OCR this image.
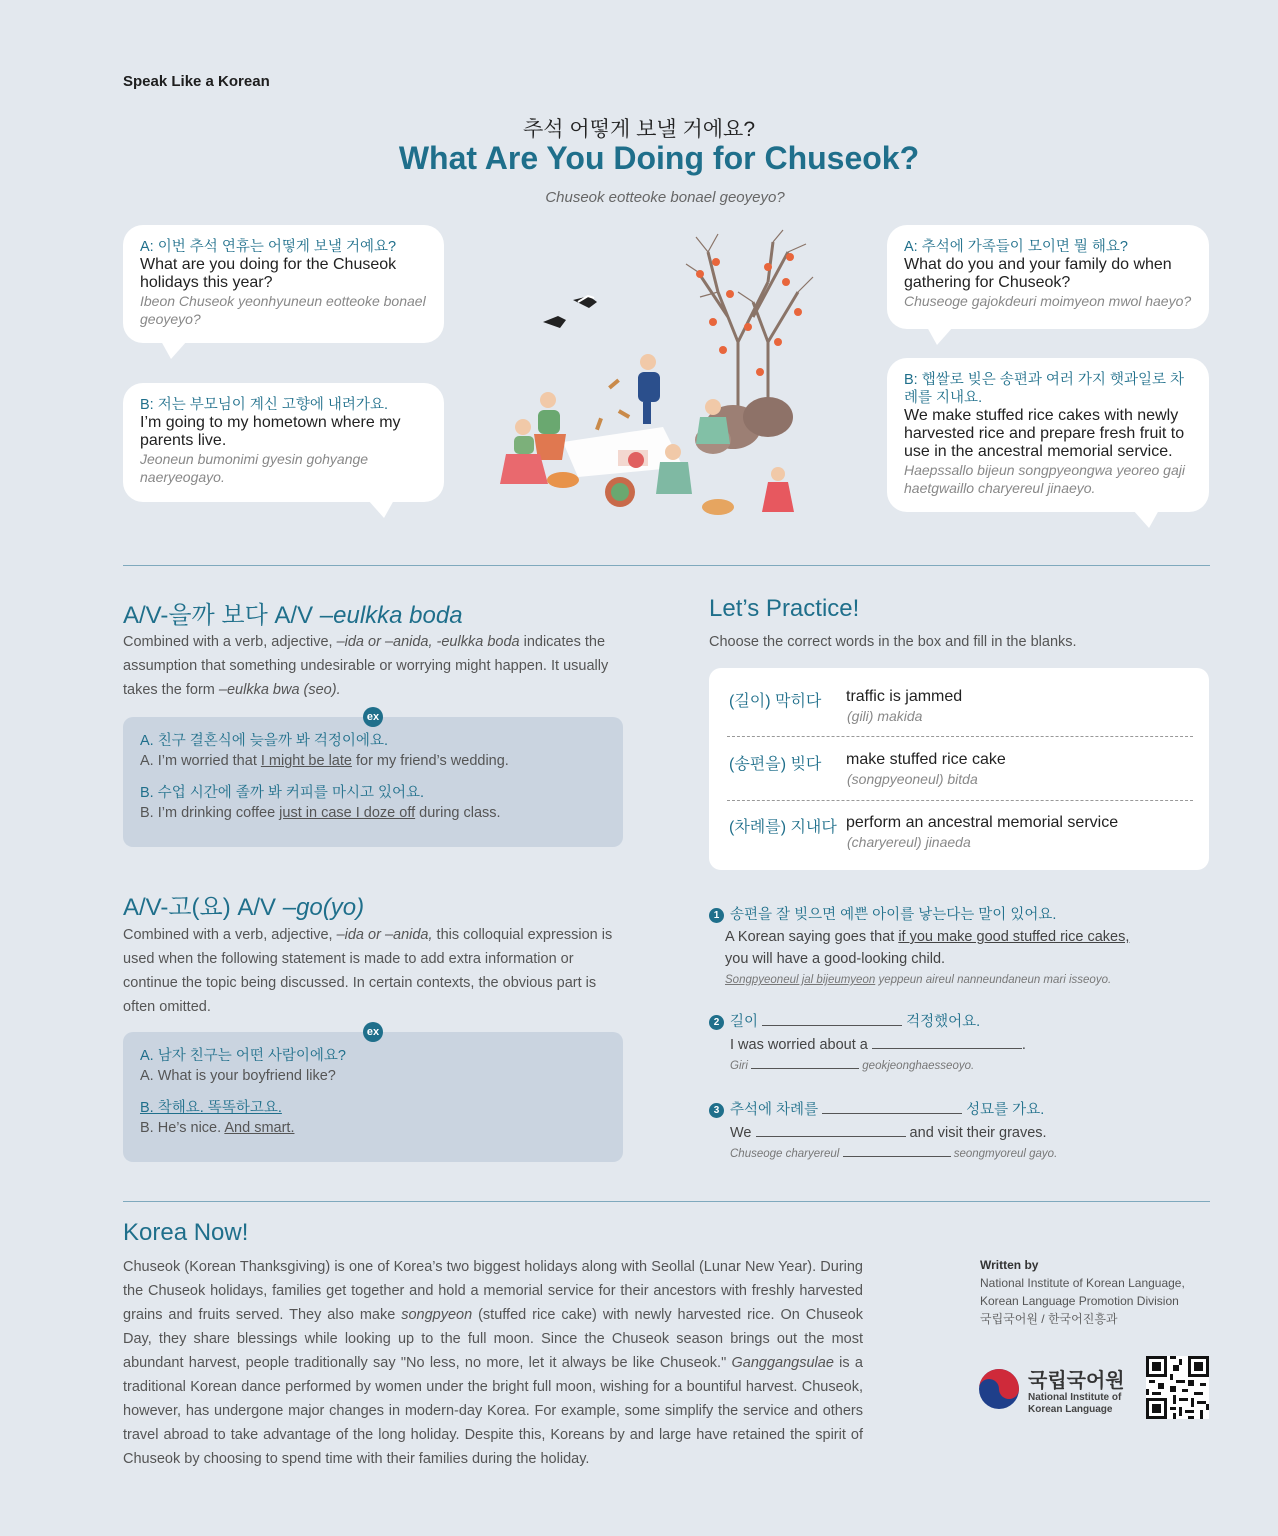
Speak Like a Korean
추석 어떻게 보낼 거에요?
What Are You Doing for Chuseok?
Chuseok eotteoke bonael geoyeyo?
A: 이번 추석 연휴는 어떻게 보낼 거예요?
What are you doing for the Chuseok holidays this year?
Ibeon Chuseok yeonhyuneun eotteoke bonael geoyeyo?
B: 저는 부모님이 계신 고향에 내려가요.
I’m going to my hometown where my parents live.
Jeoneun bumonimi gyesin gohyange naeryeogayo.
A: 추석에 가족들이 모이면 뭘 해요?
What do you and your family do when gathering for Chuseok?
Chuseoge gajokdeuri moimyeon mwol haeyo?
B: 햅쌀로 빚은 송편과 여러 가지 햇과일로 차례를 지내요.
We make stuffed rice cakes with newly harvested rice and prepare fresh fruit to use in the ancestral memorial service.
Haepssallo bijeun songpyeongwa yeoreo gaji haetgwaillo charyereul jinaeyo.
A/V-을까 보다 A/V –eulkka boda
Combined with a verb, adjective, –ida or –anida, -eulkka boda indicates the assumption that something undesirable or worrying might happen. It usually takes the form –eulkka bwa (seo).
A. 친구 결혼식에 늦을까 봐 걱정이에요.
A. I’m worried that I might be late for my friend’s wedding.
B. 수업 시간에 졸까 봐 커피를 마시고 있어요.
B. I’m drinking coffee just in case I doze off during class.
ex
A/V-고(요) A/V –go(yo)
Combined with a verb, adjective, –ida or –anida, this colloquial expression is used when the following statement is made to add extra information or continue the topic being discussed. In certain contexts, the obvious part is often omitted.
A. 남자 친구는 어떤 사람이에요?
A. What is your boyfriend like?
B. 착해요. 똑똑하고요.
B. He’s nice. And smart.
ex
Let’s Practice!
Choose the correct words in the box and fill in the blanks.
(길이) 막히다 traffic is jammed
(gili) makida
(송편을) 빚다 make stuffed rice cake
(songpyeoneul) bitda
(차례를) 지내다 perform an ancestral memorial service
(charyereul) jinaeda
1 송편을 잘 빚으면 예쁜 아이를 낳는다는 말이 있어요.
A Korean saying goes that if you make good stuffed rice cakes,
you will have a good-looking child.
Songpyeoneul jal bijeumyeon yeppeun aireul nanneundaneun mari isseoyo.
2 길이	걱정했어요.
I was worried about a	.
Giri	geokjeonghaesseoyo.
3 추석에 차례를	성묘를 가요.
We	and visit their graves.
Chuseoge charyereul	seongmyoreul gayo.
Korea Now!
Chuseok (Korean Thanksgiving) is one of Korea’s two biggest holidays along with Seollal (Lunar New Year). During the Chuseok holidays, families get together and hold a memorial service for their ancestors with freshly harvested grains and fruits served. They also make songpyeon (stuffed rice cake) with newly harvested rice. On Chuseok Day, they share blessings while looking up to the full moon. Since the Chuseok season brings out the most abundant harvest, people traditionally say "No less, no more, let it always be like Chuseok." Ganggangsulae is a traditional Korean dance performed by women under the bright full moon, wishing for a bountiful harvest. Chuseok, however, has undergone major changes in modern-day Korea. For example, some simplify the service and others travel abroad to take advantage of the long holiday. Despite this, Koreans by and large have retained the spirit of Chuseok by choosing to spend time with their families during the holiday.
Written by
National Institute of Korean Language,
Korean Language Promotion Division
국립국어원 / 한국어진흥과
국립국어원
National Institute of
Korean Language
